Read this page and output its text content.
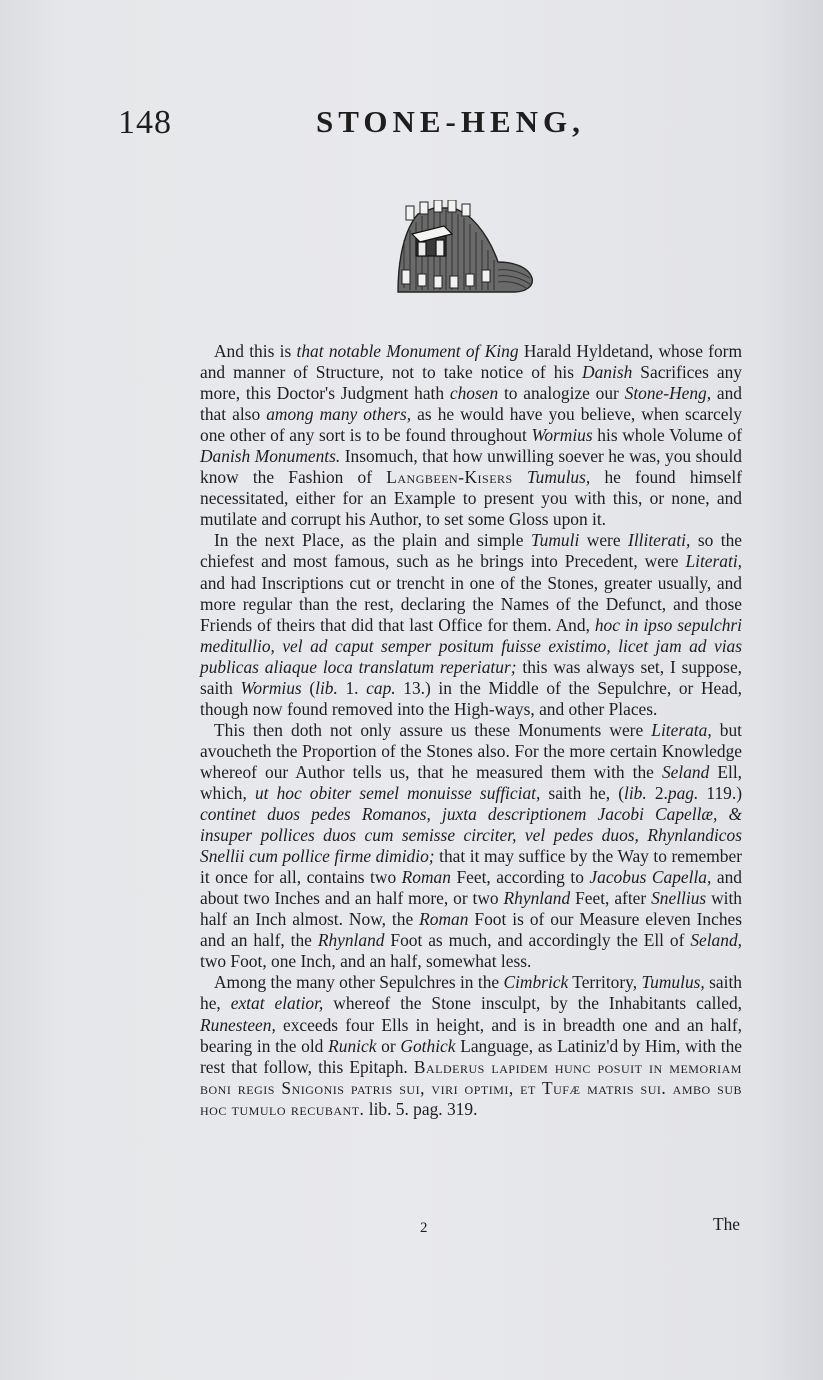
148	STONE-HENG,

And this is that notable Monument of King Harald Hyldetand, whose form and manner of Structure, not to take notice of his Danish Sacrifices any more, this Doctor's Judgment hath chosen to analogize our Stone-Heng, and that also among many others, as he would have you believe, when scarcely one other of any sort is to be found throughout Wormius his whole Volume of Danish Monuments. Insomuch, that how unwilling soever he was, you should know the Fashion of Langbeen-Kisers Tumulus, he found himself necessitated, either for an Example to present you with this, or none, and mutilate and corrupt his Author, to set some Gloss upon it.

In the next Place, as the plain and simple Tumuli were Illiterati, so the chiefest and most famous, such as he brings into Precedent, were Literati, and had Inscriptions cut or trencht in one of the Stones, greater usually, and more regular than the rest, declaring the Names of the Defunct, and those Friends of theirs that did that last Office for them. And, hoc in ipso sepulchri meditullio, vel ad caput semper positum fuisse existimo, licet jam ad vias publicas aliaque loca translatum reperiatur; this was always set, I suppose, saith Wormius (lib. 1. cap. 13.) in the Middle of the Sepulchre, or Head, though now found removed into the High-ways, and other Places.

This then doth not only assure us these Monuments were Literata, but avoucheth the Proportion of the Stones also. For the more certain Knowledge whereof our Author tells us, that he measured them with the Seland Ell, which, ut hoc obiter semel monuisse sufficiat, saith he, (lib. 2.pag. 119.) continet duos pedes Romanos, juxta descriptionem Jacobi Capellæ, & insuper pollices duos cum semisse circiter, vel pedes duos, Rhynlandicos Snellii cum pollice firme dimidio; that it may suffice by the Way to remember it once for all, contains two Roman Feet, according to Jacobus Capella, and about two Inches and an half more, or two Rhynland Feet, after Snellius with half an Inch almost. Now, the Roman Foot is of our Measure eleven Inches and an half, the Rhynland Foot as much, and accordingly the Ell of Seland, two Foot, one Inch, and an half, somewhat less.

Among the many other Sepulchres in the Cimbrick Territory, Tumulus, saith he, extat elatior, whereof the Stone insculpt, by the Inhabitants called, Runesteen, exceeds four Ells in height, and is in breadth one and an half, bearing in the old Runick or Gothick Language, as Latiniz'd by Him, with the rest that follow, this Epitaph. Balderus lapidem hunc posuit in memoriam boni regis Snigonis patris sui, viri optimi, et Tufæ matris sui. ambo sub hoc tumulo recubant. lib. 5. pag. 319.

2	The
